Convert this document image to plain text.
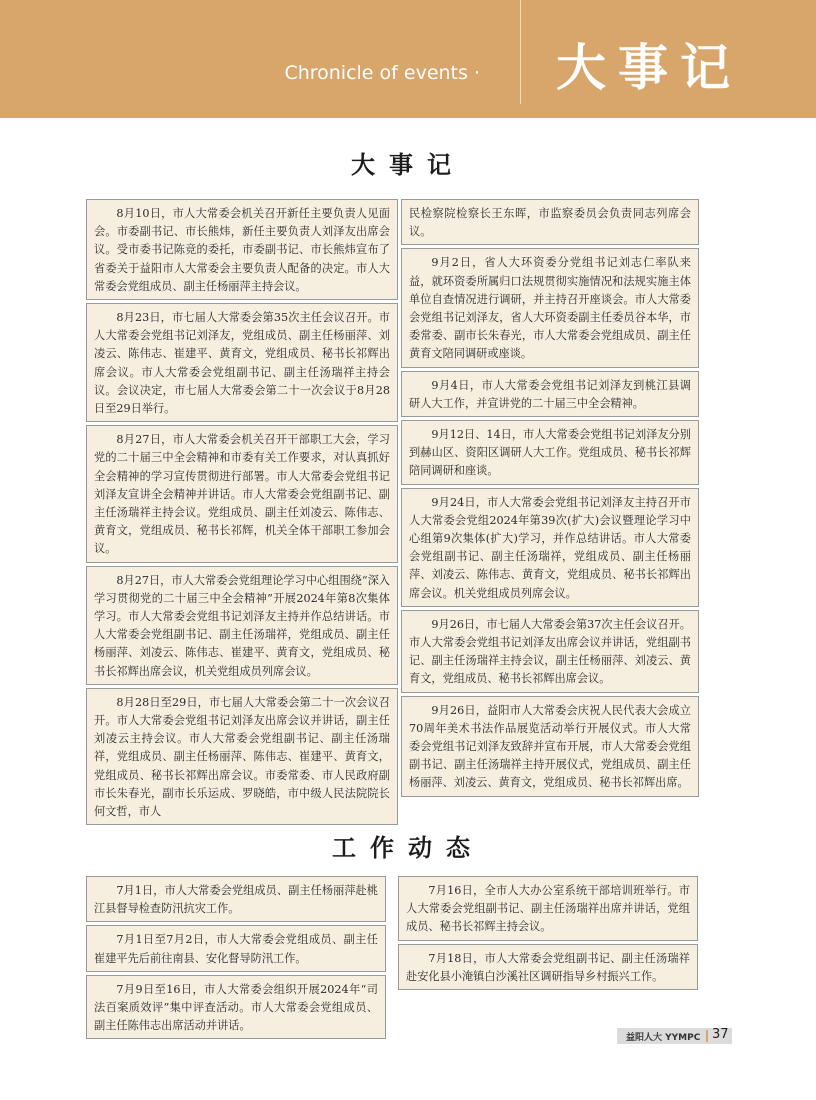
Chronicle of events · 大事记
大事记
8月10日，市人大常委会机关召开新任主要负责人见面会。市委副书记、市长熊炜，新任主要负责人刘泽友出席会议。受市委书记陈竞的委托，市委副书记、市长熊炜宣布了省委关于益阳市人大常委会主要负责人配备的决定。市人大常委会党组成员、副主任杨丽萍主持会议。
8月23日，市七届人大常委会第35次主任会议召开。市人大常委会党组书记刘泽友，党组成员、副主任杨丽萍、刘凌云、陈伟志、崔建平、黄育文，党组成员、秘书长祁辉出席会议。市人大常委会党组副书记、副主任汤瑞祥主持会议。会议决定，市七届人大常委会第二十一次会议于8月28日至29日举行。
8月27日，市人大常委会机关召开干部职工大会，学习党的二十届三中全会精神和市委有关工作要求，对认真抓好全会精神的学习宣传贯彻进行部署。市人大常委会党组书记刘泽友宣讲全会精神并讲话。市人大常委会党组副书记、副主任汤瑞祥主持会议。党组成员、副主任刘凌云、陈伟志、黄育文，党组成员、秘书长祁辉，机关全体干部职工参加会议。
8月27日，市人大常委会党组理论学习中心组围绕“深入学习贯彻党的二十届三中全会精神”开展2024年第8次集体学习。市人大常委会党组书记刘泽友主持并作总结讲话。市人大常委会党组副书记、副主任汤瑞祥，党组成员、副主任杨丽萍、刘凌云、陈伟志、崔建平、黄育文，党组成员、秘书长祁辉出席会议，机关党组成员列席会议。
8月28日至29日，市七届人大常委会第二十一次会议召开。市人大常委会党组书记刘泽友出席会议并讲话，副主任刘凌云主持会议。市人大常委会党组副书记、副主任汤瑞祥，党组成员、副主任杨丽萍、陈伟志、崔建平、黄育文，党组成员、秘书长祁辉出席会议。市委常委、市人民政府副市长朱春光，副市长乐运成、罗晓皓，市中级人民法院院长何文哲，市人
民检察院检察长王东晖，市监察委员会负责同志列席会议。
9月2日，省人大环资委分党组书记刘志仁率队来益，就环资委所属归口法规贯彻实施情况和法规实施主体单位自查情况进行调研，并主持召开座谈会。市人大常委会党组书记刘泽友，省人大环资委副主任委员谷本华，市委常委、副市长朱春光，市人大常委会党组成员、副主任黄育文陪同调研或座谈。
9月4日，市人大常委会党组书记刘泽友到桃江县调研人大工作，并宣讲党的二十届三中全会精神。
9月12日、14日，市人大常委会党组书记刘泽友分别到赫山区、资阳区调研人大工作。党组成员、秘书长祁辉陪同调研和座谈。
9月24日，市人大常委会党组书记刘泽友主持召开市人大常委会党组2024年第39次(扩大)会议暨理论学习中心组第9次集体(扩大)学习，并作总结讲话。市人大常委会党组副书记、副主任汤瑞祥，党组成员、副主任杨丽萍、刘凌云、陈伟志、黄育文，党组成员、秘书长祁辉出席会议。机关党组成员列席会议。
9月26日，市七届人大常委会第37次主任会议召开。市人大常委会党组书记刘泽友出席会议并讲话，党组副书记、副主任汤瑞祥主持会议，副主任杨丽萍、刘凌云、黄育文，党组成员、秘书长祁辉出席会议。
9月26日，益阳市人大常委会庆祝人民代表大会成立70周年美术书法作品展览活动举行开展仪式。市人大常委会党组书记刘泽友致辞并宣布开展，市人大常委会党组副书记、副主任汤瑞祥主持开展仪式，党组成员、副主任杨丽萍、刘凌云、黄育文，党组成员、秘书长祁辉出席。
工作动态
7月1日，市人大常委会党组成员、副主任杨丽萍赴桃江县督导检查防汛抗灾工作。
7月1日至7月2日，市人大常委会党组成员、副主任崔建平先后前往南县、安化督导防汛工作。
7月9日至16日，市人大常委会组织开展2024年“司法百案质效评”集中评查活动。市人大常委会党组成员、副主任陈伟志出席活动并讲话。
7月16日，全市人大办公室系统干部培训班举行。市人大常委会党组副书记、副主任汤瑞祥出席并讲话，党组成员、秘书长祁辉主持会议。
7月18日，市人大常委会党组副书记、副主任汤瑞祥赴安化县小淹镇白沙溪社区调研指导乡村振兴工作。
益阳人大 YYMPC 37
